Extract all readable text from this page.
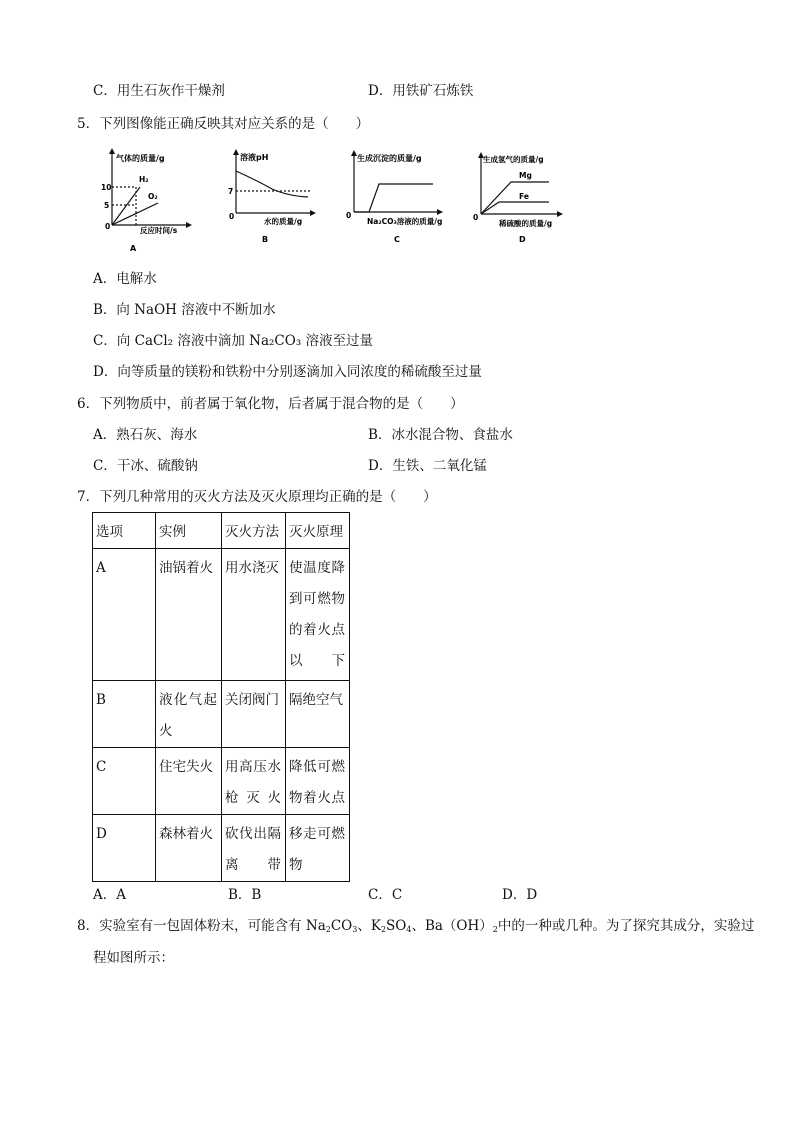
C．用生石灰作干燥剂	D．用铁矿石炼铁
5．下列图像能正确反映其对应关系的是（　　）
气体的质量/g
10
5
0
H₂
O₂
反应时间/s
A
溶液pH
7
0
水的质量/g
B
生成沉淀的质量/g
0
Na₂CO₃溶液的质量/g
C
生成氢气的质量/g
0
Mg
Fe
稀硫酸的质量/g
D
A．电解水
B．向 NaOH 溶液中不断加水
C．向 CaCl₂ 溶液中滴加 Na₂CO₃ 溶液至过量
D．向等质量的镁粉和铁粉中分别逐滴加入同浓度的稀硫酸至过量
6．下列物质中，前者属于氧化物，后者属于混合物的是（　　）
A．熟石灰、海水	B．冰水混合物、食盐水
C．干冰、硫酸钠	D．生铁、二氧化锰
7．下列几种常用的灭火方法及灭火原理均正确的是（　　）
选项	实例	灭火方法	灭火原理
A	油锅着火	用水浇灭	使温度降到可燃物的着火点以下

B	液化气起火	关闭阀门	隔绝空气
C	住宅失火	用高压水枪灭火	降低可燃物着火点

D	森林着火	砍伐出隔离带	移走可燃物
A．A	B．B	C．C	D．D
8．实验室有一包固体粉末，可能含有 $Na_2CO_3$、$K_2SO_4$、$Ba(OH)_2$中的一种或几种。为了探究其成分，实验过
程如图所示：
